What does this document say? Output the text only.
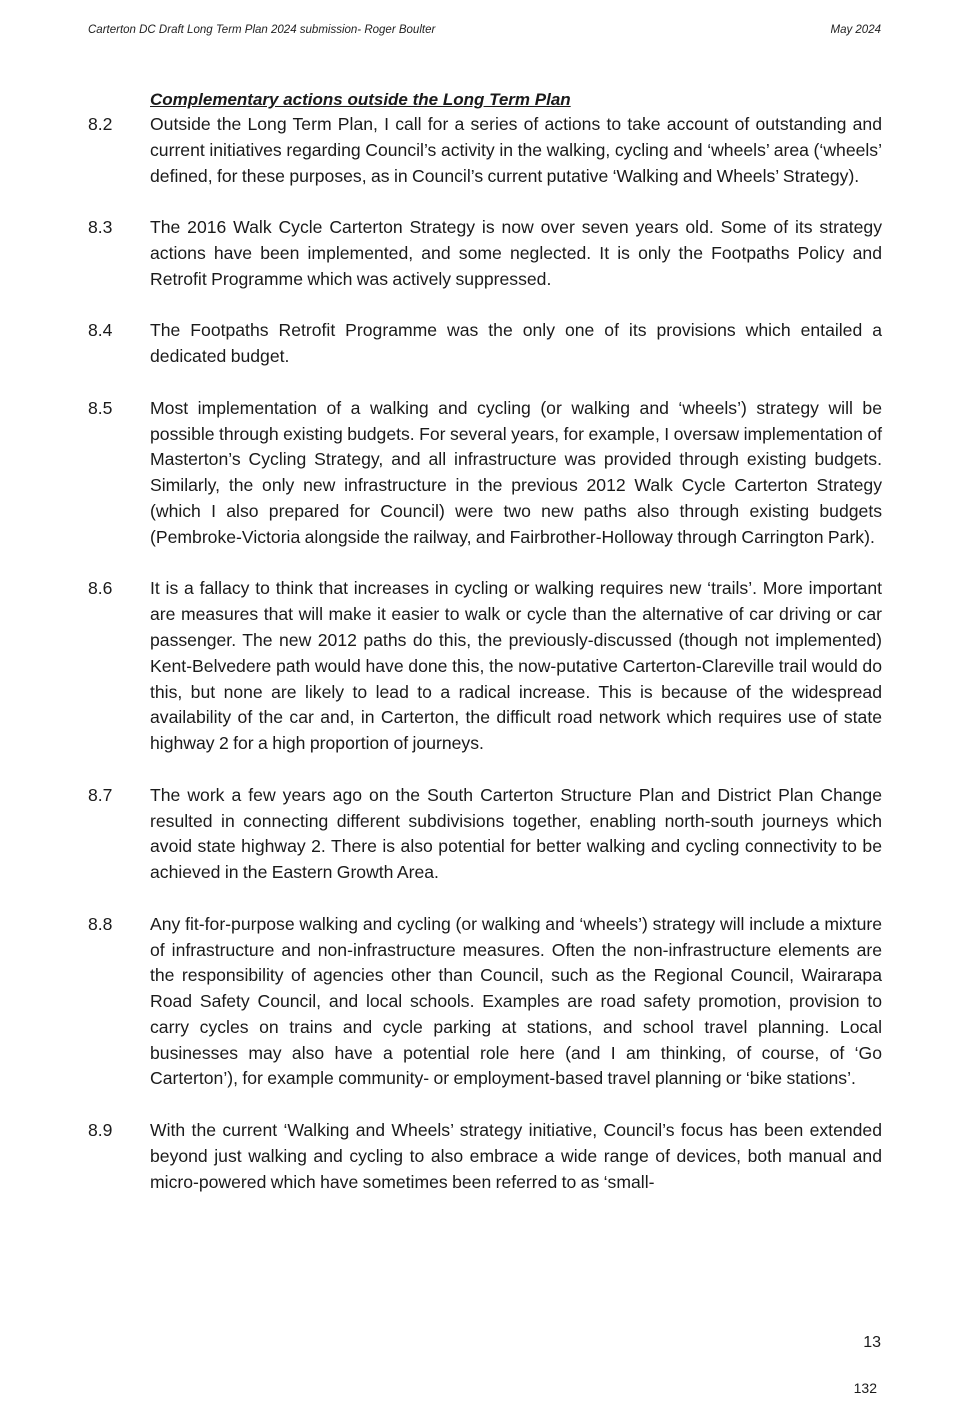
Carterton DC Draft Long Term Plan 2024 submission- Roger Boulter	May 2024
Complementary actions outside the Long Term Plan
8.2	Outside the Long Term Plan, I call for a series of actions to take account of outstanding and current initiatives regarding Council’s activity in the walking, cycling and ‘wheels’ area (‘wheels’ defined, for these purposes, as in Council’s current putative ‘Walking and Wheels’ Strategy).
8.3	The 2016 Walk Cycle Carterton Strategy is now over seven years old. Some of its strategy actions have been implemented, and some neglected. It is only the Footpaths Policy and Retrofit Programme which was actively suppressed.
8.4	The Footpaths Retrofit Programme was the only one of its provisions which entailed a dedicated budget.
8.5	Most implementation of a walking and cycling (or walking and ‘wheels’) strategy will be possible through existing budgets. For several years, for example, I oversaw implementation of Masterton’s Cycling Strategy, and all infrastructure was provided through existing budgets. Similarly, the only new infrastructure in the previous 2012 Walk Cycle Carterton Strategy (which I also prepared for Council) were two new paths also through existing budgets (Pembroke-Victoria alongside the railway, and Fairbrother-Holloway through Carrington Park).
8.6	It is a fallacy to think that increases in cycling or walking requires new ‘trails’. More important are measures that will make it easier to walk or cycle than the alternative of car driving or car passenger. The new 2012 paths do this, the previously-discussed (though not implemented) Kent-Belvedere path would have done this, the now-putative Carterton-Clareville trail would do this, but none are likely to lead to a radical increase. This is because of the widespread availability of the car and, in Carterton, the difficult road network which requires use of state highway 2 for a high proportion of journeys.
8.7	The work a few years ago on the South Carterton Structure Plan and District Plan Change resulted in connecting different subdivisions together, enabling north-south journeys which avoid state highway 2. There is also potential for better walking and cycling connectivity to be achieved in the Eastern Growth Area.
8.8	Any fit-for-purpose walking and cycling (or walking and ‘wheels’) strategy will include a mixture of infrastructure and non-infrastructure measures. Often the non-infrastructure elements are the responsibility of agencies other than Council, such as the Regional Council, Wairarapa Road Safety Council, and local schools. Examples are road safety promotion, provision to carry cycles on trains and cycle parking at stations, and school travel planning. Local businesses may also have a potential role here (and I am thinking, of course, of ‘Go Carterton’), for example community- or employment-based travel planning or ‘bike stations’.
8.9	With the current ‘Walking and Wheels’ strategy initiative, Council’s focus has been extended beyond just walking and cycling to also embrace a wide range of devices, both manual and micro-powered which have sometimes been referred to as ‘small-
13
132
